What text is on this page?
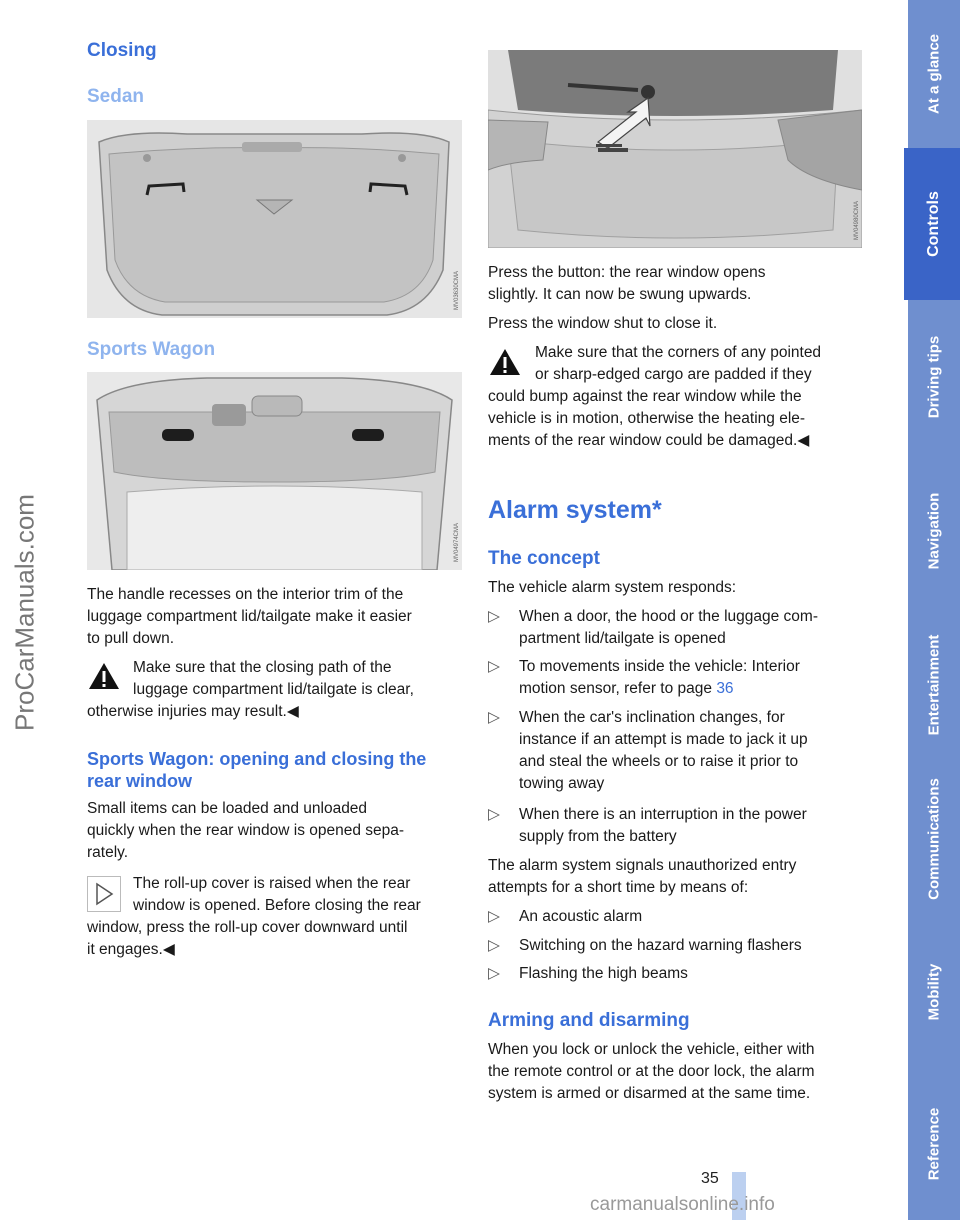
ProCarManuals.com
Closing
Sedan
MV03630CMA
Sports Wagon
MV04974CMA

The handle recesses on the interior trim of the

luggage compartment lid/tailgate make it easier

to pull down.

Make sure that the closing path of the

luggage compartment lid/tailgate is clear,

otherwise injuries may result.◀

Sports Wagon: opening and closing the
rear window

Small items can be loaded and unloaded

quickly when the rear window is opened sepa-

rately.

The roll-up cover is raised when the rear

window is opened. Before closing the rear

window, press the roll-up cover downward until

it engages.◀

MV04980CMA

Press the button: the rear window opens

slightly. It can now be swung upwards.

Press the window shut to close it.

Make sure that the corners of any pointed

or sharp-edged cargo are padded if they

could bump against the rear window while the

vehicle is in motion, otherwise the heating ele-

ments of the rear window could be damaged.◀

Alarm system*
The concept

The vehicle alarm system responds:

▷ When a door, the hood or the luggage com-
partment lid/tailgate is opened
▷ To movements inside the vehicle: Interior
motion sensor, refer to page 36
▷ When the car's inclination changes, for
instance if an attempt is made to jack it up
and steal the wheels or to raise it prior to
towing away
▷ When there is an interruption in the power
supply from the battery

The alarm system signals unauthorized entry

attempts for a short time by means of:

▷ An acoustic alarm
▷ Switching on the hazard warning flashers
▷ Flashing the high beams
Arming and disarming

When you lock or unlock the vehicle, either with

the remote control or at the door lock, the alarm

system is armed or disarmed at the same time.

At a glance
Controls
Driving tips
Navigation
Entertainment
Communications
Mobility
Reference
35
carmanualsonline.info
